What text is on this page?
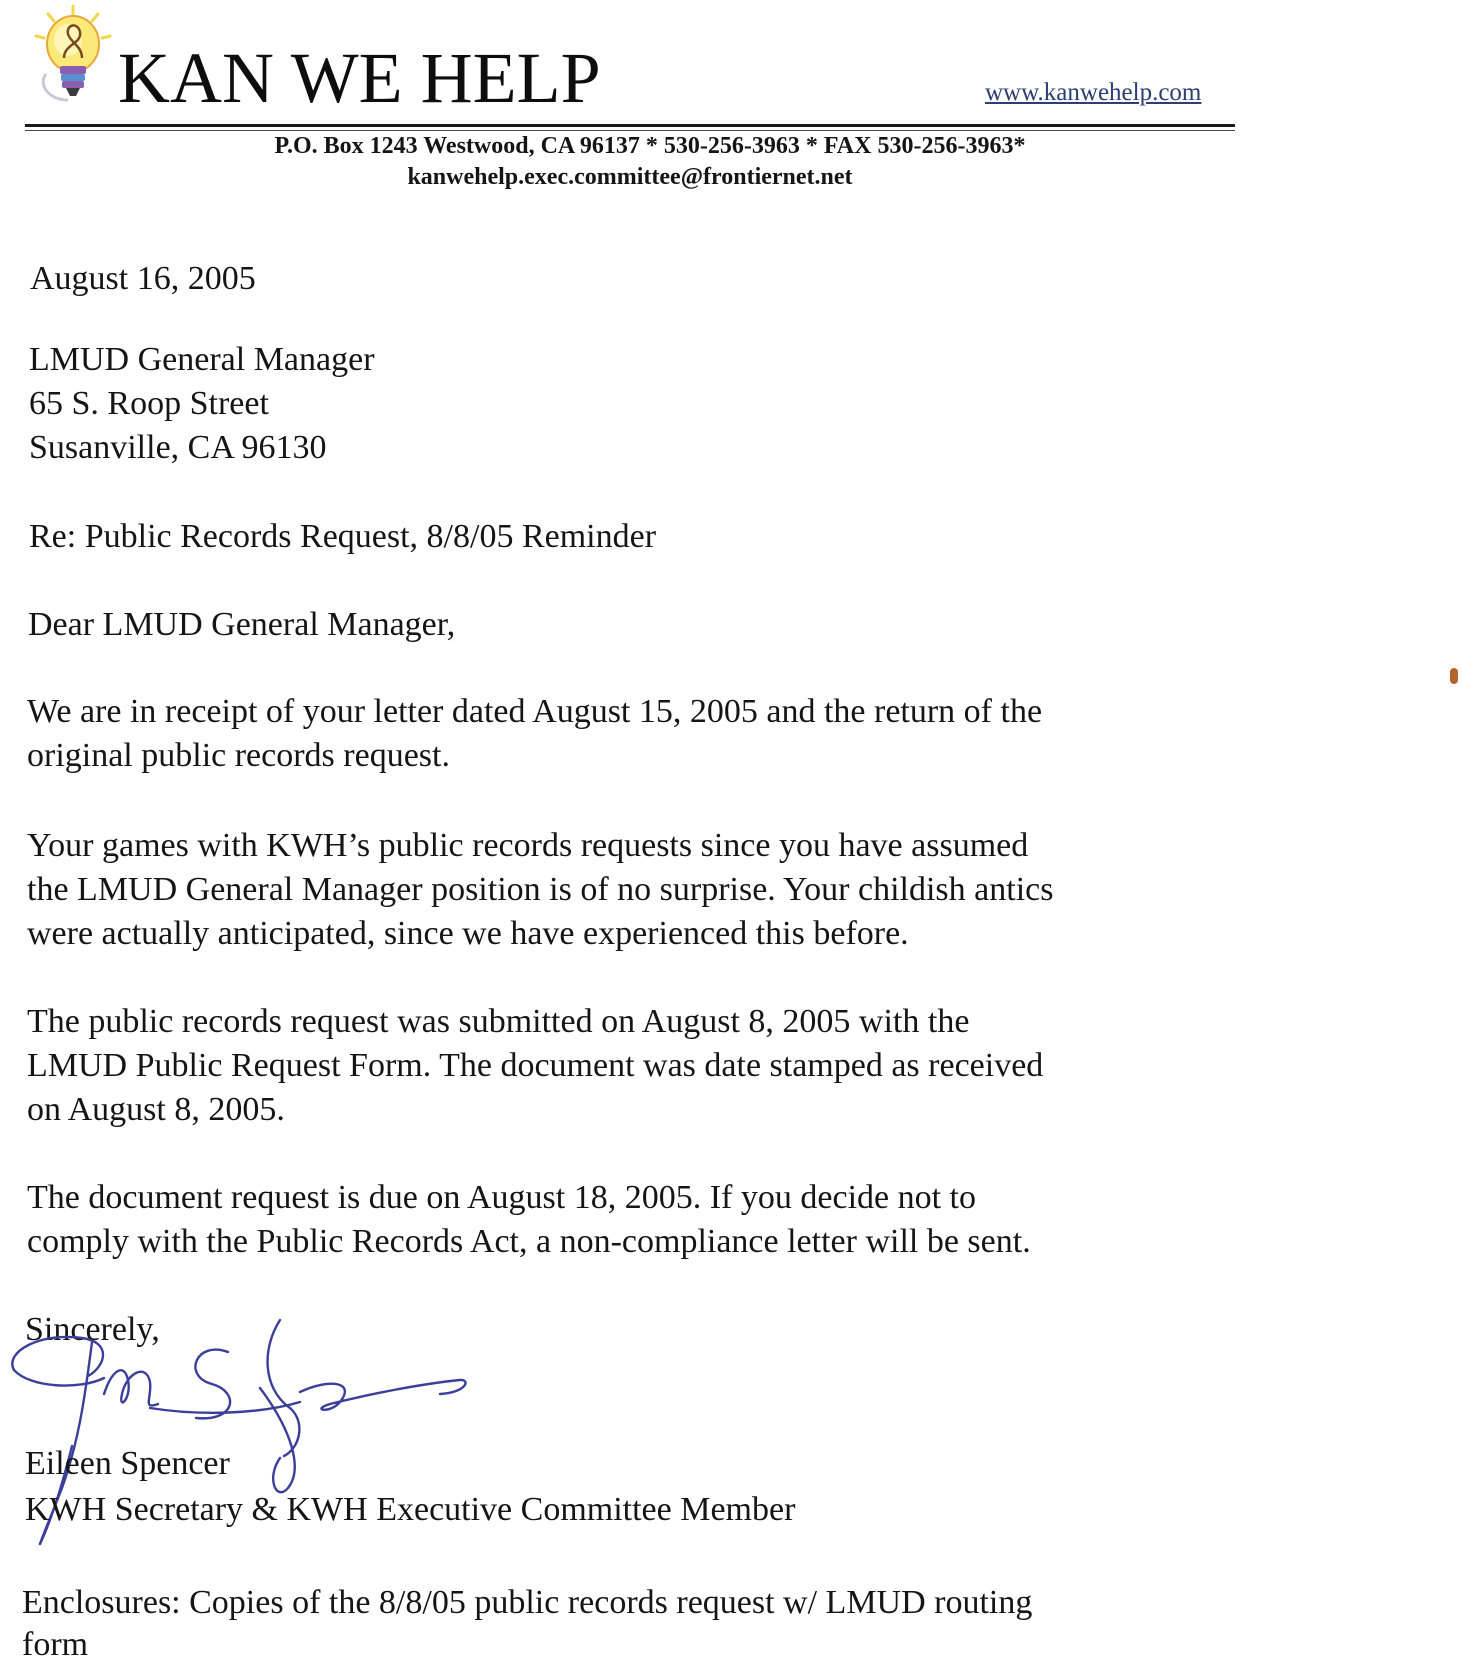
KAN WE HELP	www.kanwehelp.com
P.O. Box 1243 Westwood, CA 96137 * 530-256-3963 * FAX 530-256-3963*
kanwehelp.exec.committee@frontiernet.net
August 16, 2005
LMUD General Manager
65 S. Roop Street
Susanville, CA 96130
Re: Public Records Request, 8/8/05 Reminder
Dear LMUD General Manager,
We are in receipt of your letter dated August 15, 2005 and the return of the
original public records request.
Your games with KWH’s public records requests since you have assumed
the LMUD General Manager position is of no surprise. Your childish antics
were actually anticipated, since we have experienced this before.
The public records request was submitted on August 8, 2005 with the
LMUD Public Request Form. The document was date stamped as received
on August 8, 2005.
The document request is due on August 18, 2005. If you decide not to
comply with the Public Records Act, a non-compliance letter will be sent.
Sincerely,
Eileen Spencer
KWH Secretary & KWH Executive Committee Member
Enclosures: Copies of the 8/8/05 public records request w/ LMUD routing
form
